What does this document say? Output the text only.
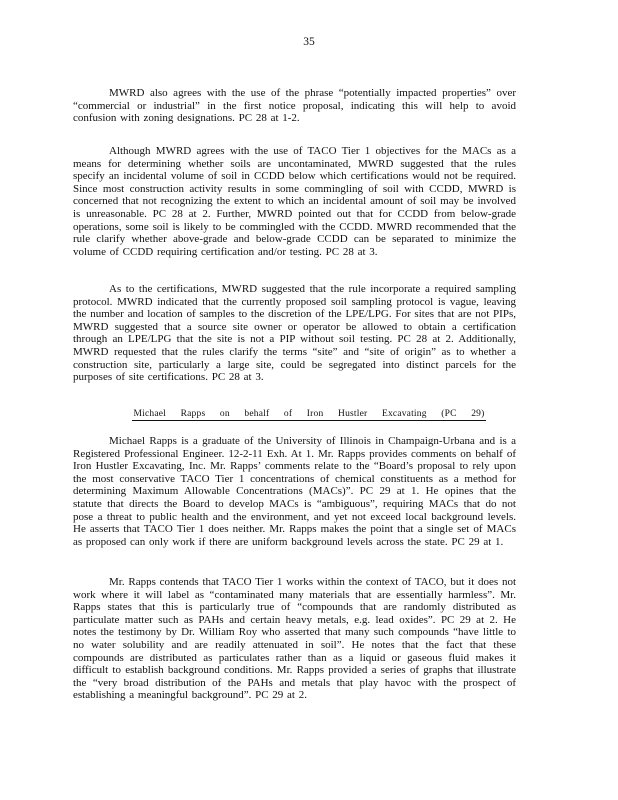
35

MWRD also agrees with the use of the phrase “potentially impacted properties” over “commercial or industrial” in the first notice proposal, indicating this will help to avoid confusion with zoning designations. PC 28 at 1-2.

Although MWRD agrees with the use of TACO Tier 1 objectives for the MACs as a means for determining whether soils are uncontaminated, MWRD suggested that the rules specify an incidental volume of soil in CCDD below which certifications would not be required. Since most construction activity results in some commingling of soil with CCDD, MWRD is concerned that not recognizing the extent to which an incidental amount of soil may be involved is unreasonable. PC 28 at 2. Further, MWRD pointed out that for CCDD from below-grade operations, some soil is likely to be commingled with the CCDD. MWRD recommended that the rule clarify whether above-grade and below-grade CCDD can be separated to minimize the volume of CCDD requiring certification and/or testing. PC 28 at 3.

As to the certifications, MWRD suggested that the rule incorporate a required sampling protocol. MWRD indicated that the currently proposed soil sampling protocol is vague, leaving the number and location of samples to the discretion of the LPE/LPG. For sites that are not PIPs, MWRD suggested that a source site owner or operator be allowed to obtain a certification through an LPE/LPG that the site is not a PIP without soil testing. PC 28 at 2. Additionally, MWRD requested that the rules clarify the terms “site” and “site of origin” as to whether a construction site, particularly a large site, could be segregated into distinct parcels for the purposes of site certifications. PC 28 at 3.

Michael Rapps on behalf of Iron Hustler Excavating (PC 29)

Michael Rapps is a graduate of the University of Illinois in Champaign-Urbana and is a Registered Professional Engineer. 12-2-11 Exh. At 1. Mr. Rapps provides comments on behalf of Iron Hustler Excavating, Inc. Mr. Rapps’ comments relate to the “Board’s proposal to rely upon the most conservative TACO Tier 1 concentrations of chemical constituents as a method for determining Maximum Allowable Concentrations (MACs)”. PC 29 at 1. He opines that the statute that directs the Board to develop MACs is “ambiguous”, requiring MACs that do not pose a threat to public health and the environment, and yet not exceed local background levels. He asserts that TACO Tier 1 does neither. Mr. Rapps makes the point that a single set of MACs as proposed can only work if there are uniform background levels across the state. PC 29 at 1.

Mr. Rapps contends that TACO Tier 1 works within the context of TACO, but it does not work where it will label as “contaminated many materials that are essentially harmless”. Mr. Rapps states that this is particularly true of “compounds that are randomly distributed as particulate matter such as PAHs and certain heavy metals, e.g. lead oxides”. PC 29 at 2. He notes the testimony by Dr. William Roy who asserted that many such compounds “have little to no water solubility and are readily attenuated in soil”. He notes that the fact that these compounds are distributed as particulates rather than as a liquid or gaseous fluid makes it difficult to establish background conditions. Mr. Rapps provided a series of graphs that illustrate the “very broad distribution of the PAHs and metals that play havoc with the prospect of establishing a meaningful background”. PC 29 at 2.
